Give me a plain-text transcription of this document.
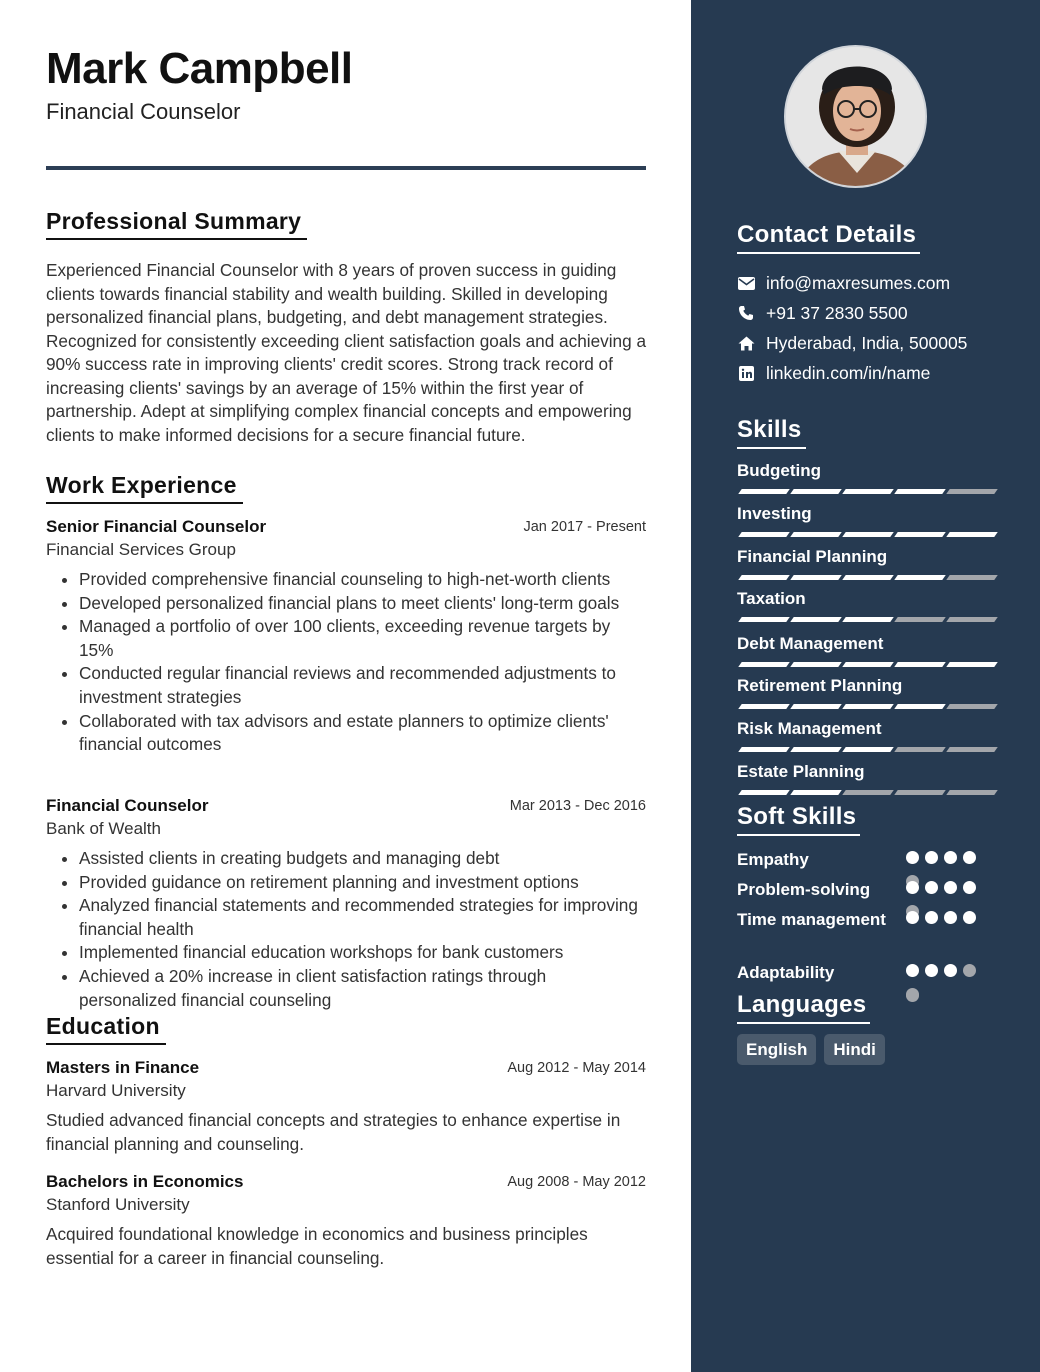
Mark Campbell
Financial Counselor
Professional Summary

Experienced Financial Counselor with 8 years of proven success in guiding clients towards financial stability and wealth building. Skilled in developing personalized financial plans, budgeting, and debt management strategies. Recognized for consistently exceeding client satisfaction goals and achieving a 90% success rate in improving clients' credit scores. Strong track record of increasing clients' savings by an average of 15% within the first year of partnership. Adept at simplifying complex financial concepts and empowering clients to make informed decisions for a secure financial future.

Work Experience
Senior Financial Counselor	Jan 2017 - Present
Financial Services Group
• Provided comprehensive financial counseling to high-net-worth clients
• Developed personalized financial plans to meet clients' long-term goals
• Managed a portfolio of over 100 clients, exceeding revenue targets by 15%
• Conducted regular financial reviews and recommended adjustments to investment strategies
• Collaborated with tax advisors and estate planners to optimize clients' financial outcomes
Financial Counselor	Mar 2013 - Dec 2016
Bank of Wealth
• Assisted clients in creating budgets and managing debt
• Provided guidance on retirement planning and investment options
• Analyzed financial statements and recommended strategies for improving financial health
• Implemented financial education workshops for bank customers
• Achieved a 20% increase in client satisfaction ratings through personalized financial counseling
Education
Masters in Finance	Aug 2012 - May 2014
Harvard University

Studied advanced financial concepts and strategies to enhance expertise in financial planning and counseling.

Bachelors in Economics	Aug 2008 - May 2012
Stanford University

Acquired foundational knowledge in economics and business principles essential for a career in financial counseling.

Contact Details
info@maxresumes.com
+91 37 2830 5500
Hyderabad, India, 500005
linkedin.com/in/name
Skills
Budgeting
Investing
Financial Planning
Taxation
Debt Management
Retirement Planning
Risk Management
Estate Planning
Soft Skills
Empathy
Problem-solving
Time management
Adaptability
Languages
English	Hindi
